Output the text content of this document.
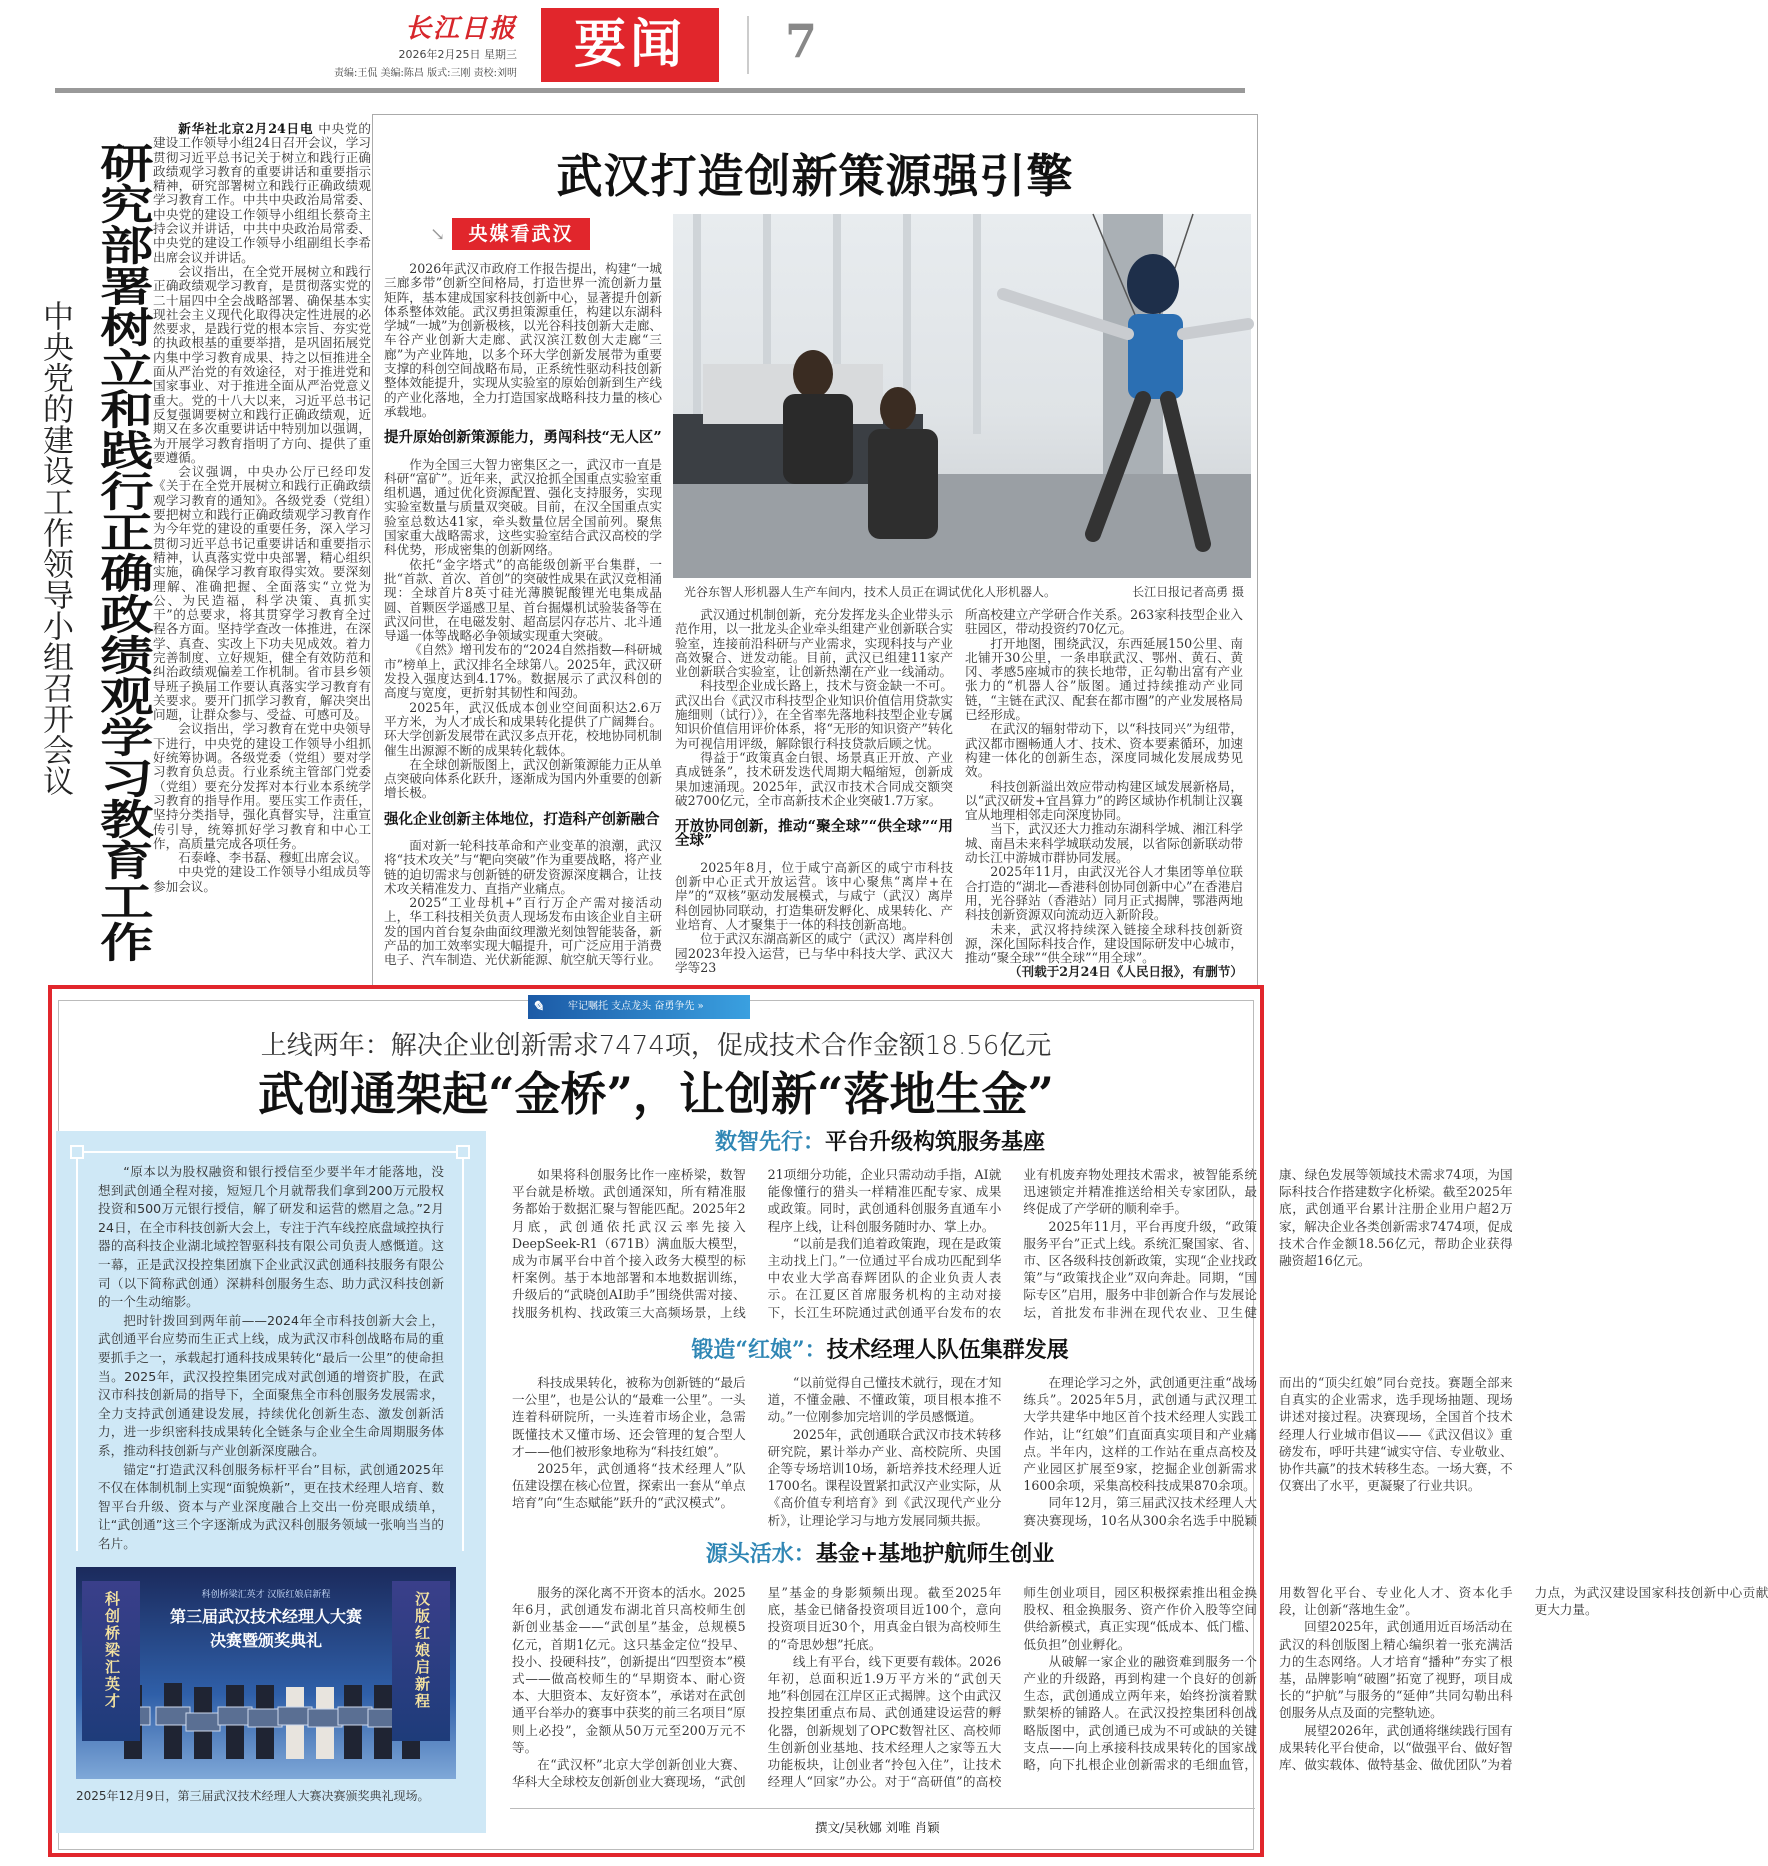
长江日报
2026年2月25日 星期三
责编:王侃 美编:陈昌 版式:三刚 责校:刘明	要闻	7
研究部署树立和践行正确政绩观学习教育工作
中央党的建设工作领导小组召开会议

新华社北京2月24日电 中央党的建设工作领导小组24日召开会议，学习贯彻习近平总书记关于树立和践行正确政绩观学习教育的重要讲话和重要指示精神，研究部署树立和践行正确政绩观学习教育工作。中共中央政治局常委、中央党的建设工作领导小组组长蔡奇主持会议并讲话，中共中央政治局常委、中央党的建设工作领导小组副组长李希出席会议并讲话。

会议指出，在全党开展树立和践行正确政绩观学习教育，是贯彻落实党的二十届四中全会战略部署、确保基本实现社会主义现代化取得决定性进展的必然要求，是践行党的根本宗旨、夯实党的执政根基的重要举措，是巩固拓展党内集中学习教育成果、持之以恒推进全面从严治党的有效途径，对于推进党和国家事业、对于推进全面从严治党意义重大。党的十八大以来，习近平总书记反复强调要树立和践行正确政绩观，近期又在多次重要讲话中特别加以强调，为开展学习教育指明了方向、提供了重要遵循。

会议强调，中央办公厅已经印发《关于在全党开展树立和践行正确政绩观学习教育的通知》。各级党委（党组）要把树立和践行正确政绩观学习教育作为今年党的建设的重要任务，深入学习贯彻习近平总书记重要讲话和重要指示精神，认真落实党中央部署，精心组织实施，确保学习教育取得实效。要深刻理解、准确把握、全面落实“立党为公、为民造福，科学决策、真抓实干”的总要求，将其贯穿学习教育全过程各方面。坚持学查改一体推进，在深学、真查、实改上下功夫见成效。着力完善制度、立好规矩，健全有效防范和纠治政绩观偏差工作机制。省市县乡领导班子换届工作要认真落实学习教育有关要求。要开门抓学习教育，解决突出问题，让群众参与、受益、可感可及。

会议指出，学习教育在党中央领导下进行，中央党的建设工作领导小组抓好统筹协调。各级党委（党组）要对学习教育负总责。行业系统主管部门党委（党组）要充分发挥对本行业本系统学习教育的指导作用。要压实工作责任，坚持分类指导，强化真督实导，注重宣传引导，统筹抓好学习教育和中心工作，高质量完成各项任务。

石泰峰、李书磊、穆虹出席会议。

中央党的建设工作领导小组成员等参加会议。

武汉打造创新策源强引擎
↘	央媒看武汉
光谷东智人形机器人生产车间内，技术人员正在调试优化人形机器人。	长江日报记者高勇 摄

2026年武汉市政府工作报告提出，构建“一城三廊多带”创新空间格局，打造世界一流创新力量矩阵，基本建成国家科技创新中心，显著提升创新体系整体效能。武汉勇担策源重任，构建以东湖科学城“一城”为创新极核，以光谷科技创新大走廊、车谷产业创新大走廊、武汉滨江数创大走廊“三廊”为产业阵地，以多个环大学创新发展带为重要支撑的科创空间战略布局，正系统性驱动科技创新整体效能提升，实现从实验室的原始创新到生产线的产业化落地，全力打造国家战略科技力量的核心承载地。

提升原始创新策源能力，勇闯科技“无人区”

作为全国三大智力密集区之一，武汉市一直是科研“富矿”。近年来，武汉抢抓全国重点实验室重组机遇，通过优化资源配置、强化支持服务，实现实验室数量与质量双突破。目前，在汉全国重点实验室总数达41家，牵头数量位居全国前列。聚焦国家重大战略需求，这些实验室结合武汉高校的学科优势，形成密集的创新网络。

依托“金字塔式”的高能级创新平台集群，一批“首款、首次、首创”的突破性成果在武汉竞相涌现：全球首片8英寸硅光薄膜铌酸锂光电集成晶圆、首颗医学遥感卫星、首台掘爆机试验装备等在武汉问世，在电磁发射、超高层闪存芯片、北斗通导遥一体等战略必争领域实现重大突破。

《自然》增刊发布的“2024自然指数—科研城市”榜单上，武汉排名全球第八。2025年，武汉研发投入强度达到4.17%。数据展示了武汉科创的高度与宽度，更折射其韧性和闯劲。

2025年，武汉低成本创业空间面积达2.6万平方米，为人才成长和成果转化提供了广阔舞台。环大学创新发展带在武汉多点开花，校地协同机制催生出源源不断的成果转化载体。

在全球创新版图上，武汉创新策源能力正从单点突破向体系化跃升，逐渐成为国内外重要的创新增长极。

强化企业创新主体地位，打造科产创新融合

面对新一轮科技革命和产业变革的浪潮，武汉将“技术攻关”与“靶向突破”作为重要战略，将产业链的迫切需求与创新链的研发资源深度耦合，让技术攻关精准发力、直指产业痛点。

2025“工业母机+”百行万企产需对接活动上，华工科技相关负责人现场发布由该企业自主研发的国内首台复杂曲面纹理激光刻蚀智能装备，新产品的加工效率实现大幅提升，可广泛应用于消费电子、汽车制造、光伏新能源、航空航天等行业。

武汉通过机制创新，充分发挥龙头企业带头示范作用，以一批龙头企业牵头组建产业创新联合实验室，连接前沿科研与产业需求，实现科技与产业高效聚合、迸发动能。目前，武汉已组建11家产业创新联合实验室，让创新热潮在产业一线涌动。

科技型企业成长路上，技术与资金缺一不可。武汉出台《武汉市科技型企业知识价值信用贷款实施细则（试行）》，在全省率先落地科技型企业专属知识价值信用评价体系，将“无形的知识资产”转化为可视信用评级，解除银行科技贷款后顾之忧。

得益于“政策真金白银、场景真正开放、产业真成链条”，技术研发迭代周期大幅缩短，创新成果加速涌现。2025年，武汉市技术合同成交额突破2700亿元，全市高新技术企业突破1.7万家。

开放协同创新，推动“聚全球”“供全球”“用全球”

2025年8月，位于咸宁高新区的咸宁市科技创新中心正式开放运营。该中心聚焦“离岸+在岸”的“双核”驱动发展模式，与咸宁（武汉）离岸科创园协同联动，打造集研发孵化、成果转化、产业培育、人才聚集于一体的科技创新高地。

位于武汉东湖高新区的咸宁（武汉）离岸科创园2023年投入运营，已与华中科技大学、武汉大学等23

所高校建立产学研合作关系。263家科技型企业入驻园区，带动投资约70亿元。

打开地图，围绕武汉，东西延展150公里、南北铺开30公里，一条串联武汉、鄂州、黄石、黄冈、孝感5座城市的狭长地带，正勾勒出富有产业张力的“机器人谷”版图。通过持续推动产业同链，“主链在武汉、配套在都市圈”的产业发展格局已经形成。

在武汉的辐射带动下，以“科技同兴”为纽带，武汉都市圈畅通人才、技术、资本要素循环，加速构建一体化的创新生态，深度同城化发展成势见效。

科技创新溢出效应带动构建区域发展新格局，以“武汉研发+宜昌算力”的跨区域协作机制让汉襄宜从地理相邻走向深度协同。

当下，武汉还大力推动东湖科学城、湘江科学城、南昌未来科学城联动发展，以省际创新联动带动长江中游城市群协同发展。

2025年11月，由武汉光谷人才集团等单位联合打造的“湖北—香港科创协同创新中心”在香港启用，光谷驿站（香港站）同月正式揭牌，鄂港两地科技创新资源双向流动迈入新阶段。

未来，武汉将持续深入链接全球科技创新资源，深化国际科技合作，建设国际研发中心城市，推动“聚全球”“供全球”“用全球”。

（刊载于2月24日《人民日报》，有删节）

✎	牢记嘱托 支点龙头 奋勇争先 »
上线两年：解决企业创新需求7474项，促成技术合作金额18.56亿元
武创通架起“金桥”，让创新“落地生金”

“原本以为股权融资和银行授信至少要半年才能落地，没想到武创通全程对接，短短几个月就帮我们拿到200万元股权投资和500万元银行授信，解了研发和运营的燃眉之急。”2月24日，在全市科技创新大会上，专注于汽车线控底盘域控执行器的高科技企业湖北域控智驱科技有限公司负责人感慨道。这一幕，正是武汉投控集团旗下企业武汉武创通科技服务有限公司（以下简称武创通）深耕科创服务生态、助力武汉科技创新的一个生动缩影。

把时针拨回到两年前——2024年全市科技创新大会上，武创通平台应势而生正式上线，成为武汉市科创战略布局的重要抓手之一，承载起打通科技成果转化“最后一公里”的使命担当。2025年，武汉投控集团完成对武创通的增资扩股，在武汉市科技创新局的指导下，全面聚焦全市科创服务发展需求，全力支持武创通建设发展，持续优化创新生态、激发创新活力，进一步织密科技成果转化全链条与企业全生命周期服务体系，推动科技创新与产业创新深度融合。

锚定“打造武汉科创服务标杆平台”目标，武创通2025年不仅在体制机制上实现“面貌焕新”，更在技术经理人培育、数智平台升级、资本与产业深度融合上交出一份亮眼成绩单，让“武创通”这三个字逐渐成为武汉科创服务领域一张响当当的名片。

科创桥梁汇英才	汉版红娘启新程
科创桥梁汇英才 汉版红娘启新程
第三届武汉技术经理人大赛
决赛暨颁奖典礼
2025年12月9日，第三届武汉技术经理人大赛决赛颁奖典礼现场。
数智先行：平台升级构筑服务基座

如果将科创服务比作一座桥梁，数智平台就是桥墩。武创通深知，所有精准服务都始于数据汇聚与智能匹配。2025年2月底，武创通依托武汉云率先接入DeepSeek-R1（671B）满血版大模型，成为市属平台中首个接入政务大模型的标杆案例。基于本地部署和本地数据训练，升级后的“武晓创AI助手”围绕供需对接、找服务机构、找政策三大高频场景，上线21项细分功能，企业只需动动手指，AI就能像懂行的猎头一样精准匹配专家、成果或政策。同时，武创通科创服务直通车小程序上线，让科创服务随时办、掌上办。

“以前是我们追着政策跑，现在是政策主动找上门。”一位通过平台成功匹配到华中农业大学高春辉团队的企业负责人表示。在江夏区首席服务机构的主动对接下，长江生环院通过武创通平台发布的农业有机废弃物处理技术需求，被智能系统迅速锁定并精准推送给相关专家团队，最终促成了产学研的顺利牵手。

2025年11月，平台再度升级，“政策服务平台”正式上线。系统汇聚国家、省、市、区各级科技创新政策，实现“企业找政策”与“政策找企业”双向奔赴。同期，“国际专区”启用，服务中非创新合作与发展论坛，首批发布非洲在现代农业、卫生健康、绿色发展等领域技术需求74项，为国际科技合作搭建数字化桥梁。截至2025年底，武创通平台累计注册企业用户超2万家，解决企业各类创新需求7474项，促成技术合作金额18.56亿元，帮助企业获得融资超16亿元。

锻造“红娘”：技术经理人队伍集群发展

科技成果转化，被称为创新链的“最后一公里”，也是公认的“最难一公里”。一头连着科研院所，一头连着市场企业，急需既懂技术又懂市场、还会管理的复合型人才——他们被形象地称为“科技红娘”。

2025年，武创通将“技术经理人”队伍建设摆在核心位置，探索出一套从“单点培育”向“生态赋能”跃升的“武汉模式”。

“以前觉得自己懂技术就行，现在才知道，不懂金融、不懂政策，项目根本推不动。”一位刚参加完培训的学员感慨道。

2025年，武创通联合武汉市技术转移研究院，累计举办产业、高校院所、央国企等专场培训10场，新培养技术经理人近1700名。课程设置紧扣武汉产业实际，从《高价值专利培育》到《武汉现代产业分析》，让理论学习与地方发展同频共振。

在理论学习之外，武创通更注重“战场练兵”。2025年5月，武创通与武汉理工大学共建华中地区首个技术经理人实践工作站，让“红娘”们直面真实项目和产业痛点。半年内，这样的工作站在重点高校及产业园区扩展至9家，挖掘企业创新需求1600余项，采集高校科技成果870余项。

同年12月，第三届武汉技术经理人大赛决赛现场，10名从300余名选手中脱颖而出的“顶尖红娘”同台竞技。赛题全部来自真实的企业需求，选手现场抽题、现场讲述对接过程。决赛现场，全国首个技术经理人行业城市倡议——《武汉倡议》重磅发布，呼吁共建“诚实守信、专业敬业、协作共赢”的技术转移生态。一场大赛，不仅赛出了水平，更凝聚了行业共识。

源头活水：基金+基地护航师生创业

服务的深化离不开资本的活水。2025年6月，武创通发布湖北首只高校师生创新创业基金——“武创星”基金，总规模5亿元，首期1亿元。这只基金定位“投早、投小、投硬科技”，创新提出“四型资本”模式——做高校师生的“早期资本、耐心资本、大胆资本、友好资本”，承诺对在武创通平台举办的赛事中获奖的前三名项目“原则上必投”，金额从50万元至200万元不等。

在“武汉杯”北京大学创新创业大赛、华科大全球校友创新创业大赛现场，“武创星”基金的身影频频出现。截至2025年底，基金已储备投资项目近100个，意向投资项目近30个，用真金白银为高校师生的“奇思妙想”托底。

线上有平台，线下更要有载体。2026年初，总面积近1.9万平方米的“武创天地”科创园在江岸区正式揭牌。这个由武汉投控集团重点布局、武创通建设运营的孵化器，创新规划了OPC数智社区、高校师生创新创业基地、技术经理人之家等五大功能板块，让创业者“拎包入住”，让技术经理人“回家”办公。对于“高研值”的高校师生创业项目，园区积极探索推出租金换股权、租金换服务、资产作价入股等空间供给新模式，真正实现“低成本、低门槛、低负担”创业孵化。

从破解一家企业的融资难到服务一个产业的升级路，再到构建一个良好的创新生态，武创通成立两年来，始终扮演着默默架桥的铺路人。在武汉投控集团科创战略版图中，武创通已成为不可或缺的关键支点——向上承接科技成果转化的国家战略，向下扎根企业创新需求的毛细血管，用数智化平台、专业化人才、资本化手段，让创新“落地生金”。

回望2025年，武创通用近百场活动在武汉的科创版图上精心编织着一张充满活力的生态网络。人才培育“播种”夯实了根基，品牌影响“破圈”拓宽了视野，项目成长的“护航”与服务的“延伸”共同勾勒出科创服务从点及面的完整轨迹。

展望2026年，武创通将继续践行国有成果转化平台使命，以“做强平台、做好智库、做实载体、做特基金、做优团队”为着力点，为武汉建设国家科技创新中心贡献更大力量。

撰文/吴秋娜 刘唯 肖颖
